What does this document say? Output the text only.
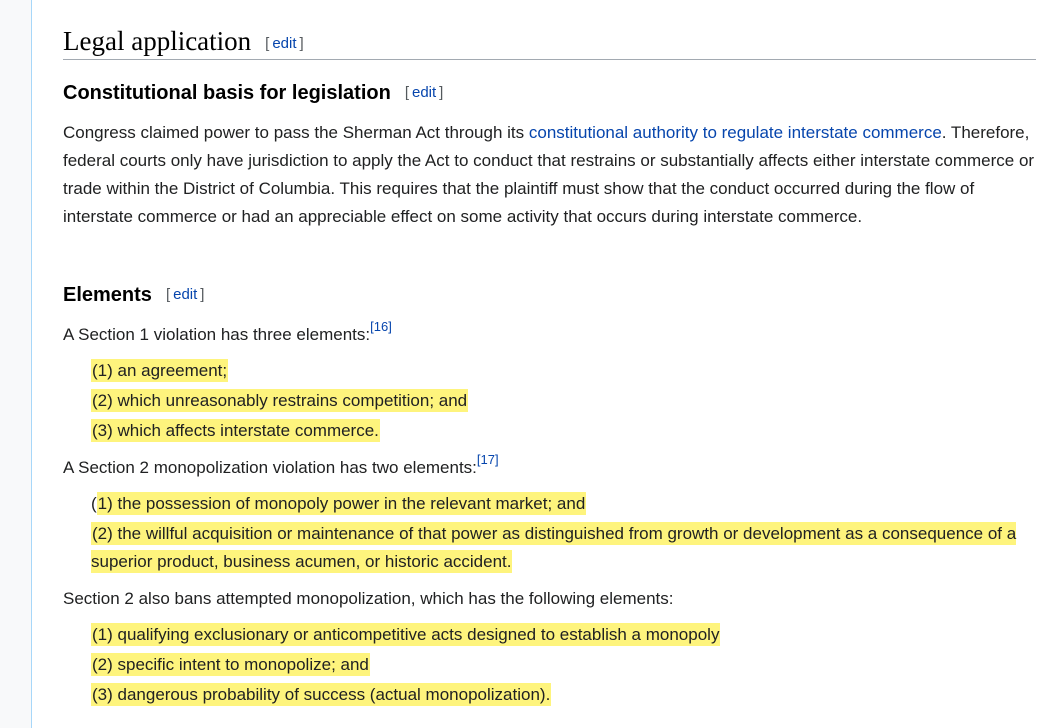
Legal application [ edit ]
Constitutional basis for legislation [ edit ]

Congress claimed power to pass the Sherman Act through its constitutional authority to regulate interstate commerce. Therefore, federal courts only have jurisdiction to apply the Act to conduct that restrains or substantially affects either interstate commerce or trade within the District of Columbia. This requires that the plaintiff must show that the conduct occurred during the flow of interstate commerce or had an appreciable effect on some activity that occurs during interstate commerce.

Elements [ edit ]

A Section 1 violation has three elements:[16]

(1) an agreement;

(2) which unreasonably restrains competition; and

(3) which affects interstate commerce.

A Section 2 monopolization violation has two elements:[17]

(1) the possession of monopoly power in the relevant market; and

(2) the willful acquisition or maintenance of that power as distinguished from growth or development as a consequence of a superior product, business acumen, or historic accident.

Section 2 also bans attempted monopolization, which has the following elements:

(1) qualifying exclusionary or anticompetitive acts designed to establish a monopoly

(2) specific intent to monopolize; and

(3) dangerous probability of success (actual monopolization).
